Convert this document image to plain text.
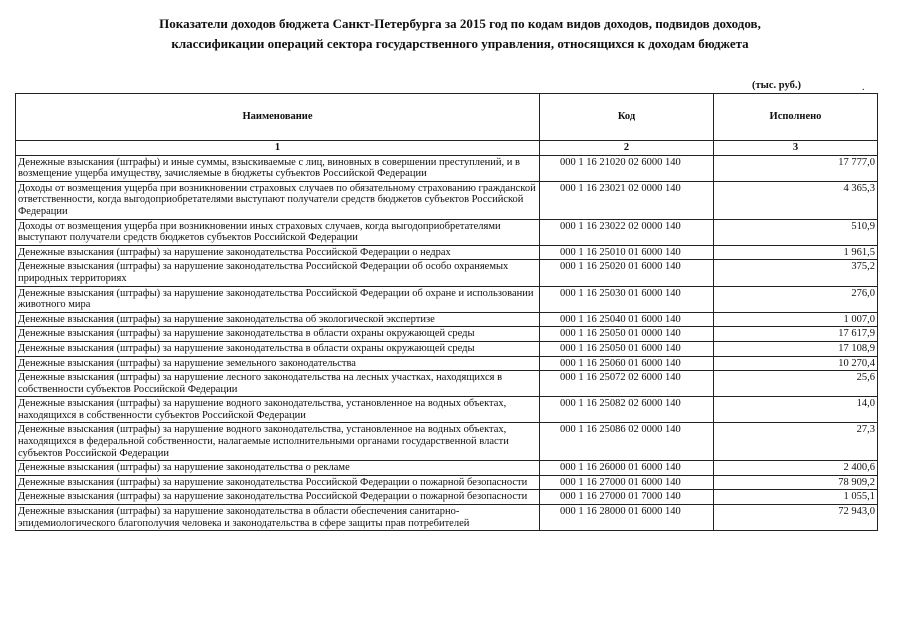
Показатели доходов бюджета Санкт-Петербурга за 2015 год по кодам видов доходов, подвидов доходов,
классификации операций сектора государственного управления, относящихся к доходам бюджета
(тыс. руб.)	.
Наименование	Код	Исполнено
1	2	3
Денежные взыскания (штрафы) и иные суммы, взыскиваемые с лиц, виновных в совершении преступлений, и в возмещение ущерба имуществу, зачисляемые в бюджеты субъектов Российской Федерации	000 1 16 21020 02 6000 140	17 777,0
Доходы от возмещения ущерба при возникновении страховых случаев по обязательному страхованию гражданской ответственности, когда выгодоприобретателями выступают получатели средств бюджетов субъектов Российской Федерации	000 1 16 23021 02 0000 140	4 365,3
Доходы от возмещения ущерба при возникновении иных страховых случаев, когда выгодоприобретателями выступают получатели средств бюджетов субъектов Российской Федерации	000 1 16 23022 02 0000 140	510,9
Денежные взыскания (штрафы) за нарушение законодательства Российской Федерации о недрах	000 1 16 25010 01 6000 140	1 961,5
Денежные взыскания (штрафы) за нарушение законодательства Российской Федерации об особо охраняемых природных территориях	000 1 16 25020 01 6000 140	375,2
Денежные взыскания (штрафы) за нарушение законодательства Российской Федерации об охране и использовании животного мира	000 1 16 25030 01 6000 140	276,0
Денежные взыскания (штрафы) за нарушение законодательства об экологической экспертизе	000 1 16 25040 01 6000 140	1 007,0
Денежные взыскания (штрафы) за нарушение законодательства в области охраны окружающей среды	000 1 16 25050 01 0000 140	17 617,9
Денежные взыскания (штрафы) за нарушение законодательства в области охраны окружающей среды	000 1 16 25050 01 6000 140	17 108,9
Денежные взыскания (штрафы) за нарушение земельного законодательства	000 1 16 25060 01 6000 140	10 270,4
Денежные взыскания (штрафы) за нарушение лесного законодательства на лесных участках, находящихся в собственности субъектов Российской Федерации	000 1 16 25072 02 6000 140	25,6
Денежные взыскания (штрафы) за нарушение водного законодательства, установленное на водных объектах, находящихся в собственности субъектов Российской Федерации	000 1 16 25082 02 6000 140	14,0
Денежные взыскания (штрафы) за нарушение водного законодательства, установленное на водных объектах, находящихся в федеральной собственности, налагаемые исполнительными органами государственной власти субъектов Российской Федерации	000 1 16 25086 02 0000 140	27,3
Денежные взыскания (штрафы) за нарушение законодательства о рекламе	000 1 16 26000 01 6000 140	2 400,6
Денежные взыскания (штрафы) за нарушение законодательства Российской Федерации о пожарной безопасности	000 1 16 27000 01 6000 140	78 909,2
Денежные взыскания (штрафы) за нарушение законодательства Российской Федерации о пожарной безопасности	000 1 16 27000 01 7000 140	1 055,1
Денежные взыскания (штрафы) за нарушение законодательства в области обеспечения санитарно-эпидемиологического благополучия человека и законодательства в сфере защиты прав потребителей	000 1 16 28000 01 6000 140	72 943,0
